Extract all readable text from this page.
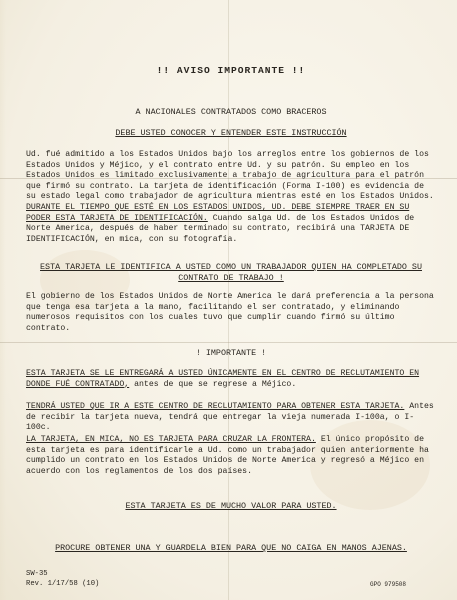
!! AVISO IMPORTANTE !!
A NACIONALES CONTRATADOS COMO BRACEROS
DEBE USTED CONOCER Y ENTENDER ESTE INSTRUCCIÓN
Ud. fué admitido a los Estados Unidos bajo los arreglos entre los gobiernos de los Estados Unidos y Méjico, y el contrato entre Ud. y su patrón. Su empleo en los Estados Unidos es limitado exclusivamente a trabajo de agricultura para el patrón que firmó su contrato. La tarjeta de identificación (Forma I-100) es evidencia de su estado legal como trabajador de agricultura mientras esté en los Estados Unidos. DURANTE EL TIEMPO QUE ESTÉ EN LOS ESTADOS UNIDOS, UD. DEBE SIEMPRE TRAER EN SU PODER ESTA TARJETA DE IDENTIFICACIÓN. Cuando salga Ud. de los Estados Unidos de Norte America, después de haber terminado su contrato, recibirá una TARJETA DE IDENTIFICACIÓN, en mica, con su fotografía.
ESTA TARJETA LE IDENTIFICA A USTED COMO UN TRABAJADOR QUIEN HA COMPLETADO SU CONTRATO DE TRABAJO !
El gobierno de los Estados Unidos de Norte America le dará preferencia a la persona que tenga esa tarjeta a la mano, facilitando el ser contratado, y eliminando numerosos requisitos con los cuales tuvo que cumplir cuando firmó su último contrato.
! IMPORTANTE !
ESTA TARJETA SE LE ENTREGARÁ A USTED ÚNICAMENTE EN EL CENTRO DE RECLUTAMIENTO EN DONDE FUÉ CONTRATADO, antes de que se regrese a Méjico.
TENDRÁ USTED QUE IR A ESTE CENTRO DE RECLUTAMIENTO PARA OBTENER ESTA TARJETA. Antes de recibir la tarjeta nueva, tendrá que entregar la vieja numerada I-100a, o I-100c.
LA TARJETA, EN MICA, NO ES TARJETA PARA CRUZAR LA FRONTERA. El único propósito de esta tarjeta es para identificarle a Ud. como un trabajador quien anteriormente ha cumplido un contrato en los Estados Unidos de Norte America y regresó a Méjico en acuerdo con los reglamentos de los dos países.
ESTA TARJETA ES DE MUCHO VALOR PARA USTED.
PROCURE OBTENER UNA Y GUARDELA BIEN PARA QUE NO CAIGA EN MANOS AJENAS.
SW-35
Rev. 1/17/58 (10)	GPO 979508
